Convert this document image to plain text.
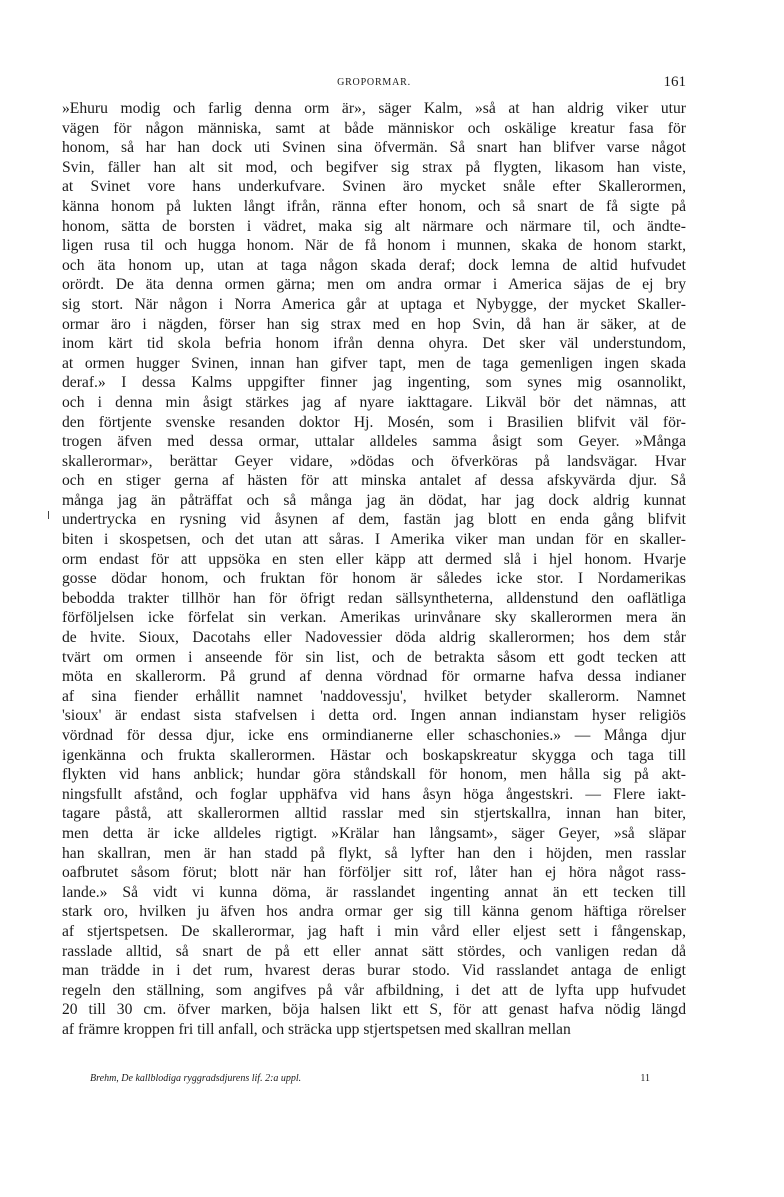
GROPORMAR.	161
»Ehuru modig och farlig denna orm är», säger Kalm, »så at han aldrig viker utur
vägen för någon människa, samt at både människor och oskälige kreatur fasa för
honom, så har han dock uti Svinen sina öfvermän. Så snart han blifver varse något
Svin, fäller han alt sit mod, och begifver sig strax på flygten, likasom han viste,
at Svinet vore hans underkufvare. Svinen äro mycket snåle efter Skallerormen,
känna honom på lukten långt ifrån, ränna efter honom, och så snart de få sigte på
honom, sätta de borsten i vädret, maka sig alt närmare och närmare til, och ändte-
ligen rusa til och hugga honom. När de få honom i munnen, skaka de honom starkt,
och äta honom up, utan at taga någon skada deraf; dock lemna de altid hufvudet
orördt. De äta denna ormen gärna; men om andra ormar i America säjas de ej bry
sig stort. När någon i Norra America går at uptaga et Nybygge, der mycket Skaller-
ormar äro i nägden, förser han sig strax med en hop Svin, då han är säker, at de
inom kärt tid skola befria honom ifrån denna ohyra. Det sker väl understundom,
at ormen hugger Svinen, innan han gifver tapt, men de taga gemenligen ingen skada
deraf.» I dessa Kalms uppgifter finner jag ingenting, som synes mig osannolikt,
och i denna min åsigt stärkes jag af nyare iakttagare. Likväl bör det nämnas, att
den förtjente svenske resanden doktor Hj. Mosén, som i Brasilien blifvit väl för-
trogen äfven med dessa ormar, uttalar alldeles samma åsigt som Geyer. »Många
skallerormar», berättar Geyer vidare, »dödas och öfverköras på landsvägar. Hvar
och en stiger gerna af hästen för att minska antalet af dessa afskyvärda djur. Så
många jag än påträffat och så många jag än dödat, har jag dock aldrig kunnat
undertrycka en rysning vid åsynen af dem, fastän jag blott en enda gång blifvit
biten i skospetsen, och det utan att såras. I Amerika viker man undan för en skaller-
orm endast för att uppsöka en sten eller käpp att dermed slå i hjel honom. Hvarje
gosse dödar honom, och fruktan för honom är således icke stor. I Nordamerikas
bebodda trakter tillhör han för öfrigt redan sällsyntheterna, alldenstund den oaflätliga
förföljelsen icke förfelat sin verkan. Amerikas urinvånare sky skallerormen mera än
de hvite. Sioux, Dacotahs eller Nadovessier döda aldrig skallerormen; hos dem står
tvärt om ormen i anseende för sin list, och de betrakta såsom ett godt tecken att
möta en skallerorm. På grund af denna vördnad för ormarne hafva dessa indianer
af sina fiender erhållit namnet 'naddovessju', hvilket betyder skallerorm. Namnet
'sioux' är endast sista stafvelsen i detta ord. Ingen annan indianstam hyser religiös
vördnad för dessa djur, icke ens ormindianerne eller schaschonies.» — Många djur
igenkänna och frukta skallerormen. Hästar och boskapskreatur skygga och taga till
flykten vid hans anblick; hundar göra ståndskall för honom, men hålla sig på akt-
ningsfullt afstånd, och foglar upphäfva vid hans åsyn höga ångestskri. — Flere iakt-
tagare påstå, att skallerormen alltid rasslar med sin stjertskallra, innan han biter,
men detta är icke alldeles rigtigt. »Krälar han långsamt», säger Geyer, »så släpar
han skallran, men är han stadd på flykt, så lyfter han den i höjden, men rasslar
oafbrutet såsom förut; blott när han förföljer sitt rof, låter han ej höra något rass-
lande.» Så vidt vi kunna döma, är rasslandet ingenting annat än ett tecken till
stark oro, hvilken ju äfven hos andra ormar ger sig till känna genom häftiga rörelser
af stjertspetsen. De skallerormar, jag haft i min vård eller eljest sett i fångenskap,
rasslade alltid, så snart de på ett eller annat sätt stördes, och vanligen redan då
man trädde in i det rum, hvarest deras burar stodo. Vid rasslandet antaga de enligt
regeln den ställning, som angifves på vår afbildning, i det att de lyfta upp hufvudet
20 till 30 cm. öfver marken, böja halsen likt ett S, för att genast hafva nödig längd
af främre kroppen fri till anfall, och sträcka upp stjertspetsen med skallran mellan
Brehm, De kallblodiga ryggradsdjurens lif. 2:a uppl.	11
